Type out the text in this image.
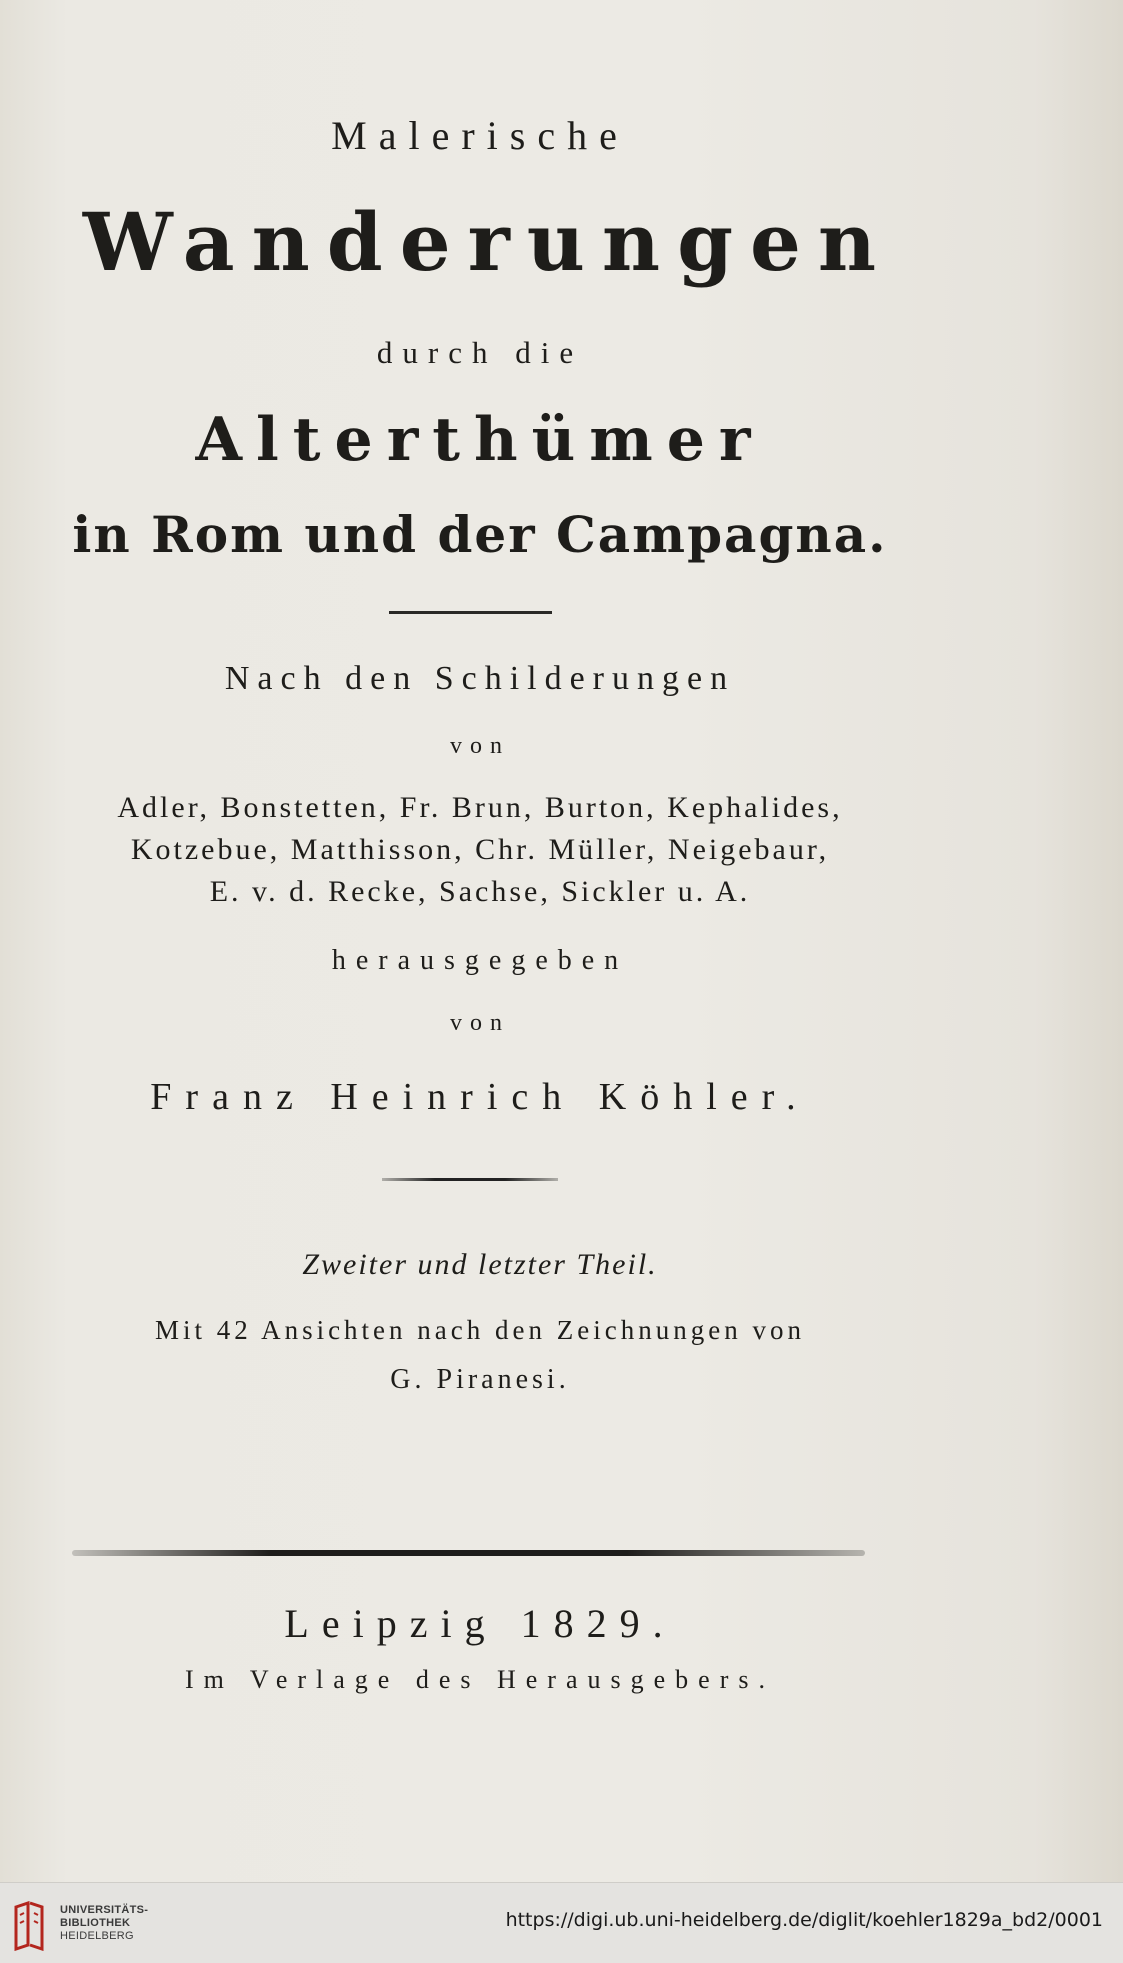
Malerische
Wanderungen
durch die
Alterthümer
in Rom und der Campagna.
Nach den Schilderungen
von
Adler, Bonstetten, Fr. Brun, Burton, Kephalides,
Kotzebue, Matthisson, Chr. Müller, Neigebaur,
E. v. d. Recke, Sachse, Sickler u. A.
herausgegeben
von
Franz Heinrich Köhler.
Zweiter und letzter Theil.
Mit 42 Ansichten nach den Zeichnungen von
G. Piranesi.
Leipzig 1829.
Im Verlage des Herausgebers.
UNIVERSITÄTS-
BIBLIOTHEK
HEIDELBERG
https://digi.ub.uni-heidelberg.de/diglit/koehler1829a_bd2/0001
